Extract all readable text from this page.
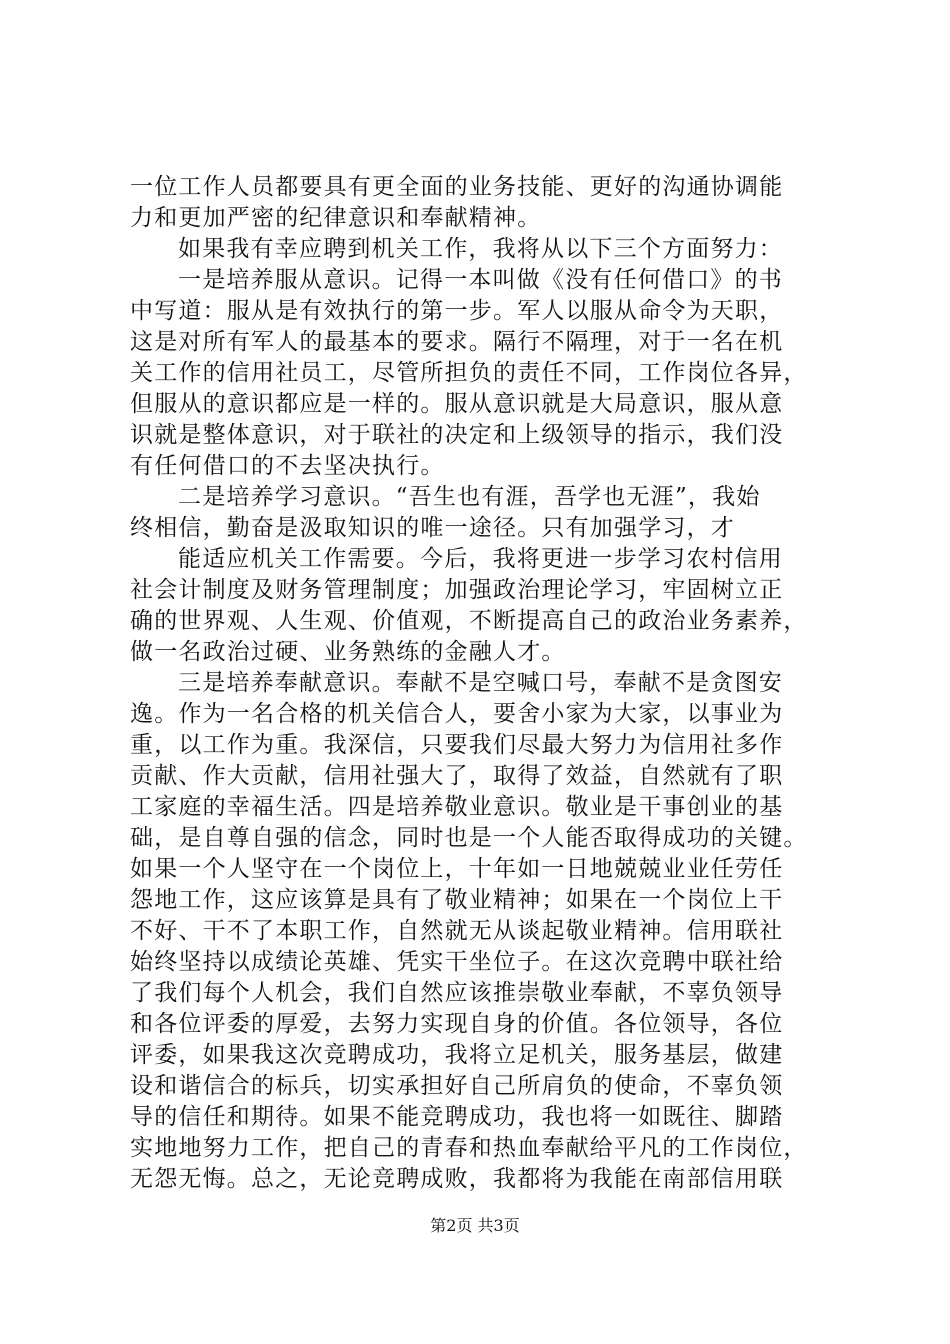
一位工作人员都要具有更全面的业务技能、更好的沟通协调能
力和更加严密的纪律意识和奉献精神。
如果我有幸应聘到机关工作，我将从以下三个方面努力：
一是培养服从意识。记得一本叫做《没有任何借口》的书
中写道：服从是有效执行的第一步。军人以服从命令为天职，
这是对所有军人的最基本的要求。隔行不隔理，对于一名在机
关工作的信用社员工，尽管所担负的责任不同，工作岗位各异，
但服从的意识都应是一样的。服从意识就是大局意识，服从意
识就是整体意识，对于联社的决定和上级领导的指示，我们没
有任何借口的不去坚决执行。
二是培养学习意识。“吾生也有涯，吾学也无涯”，我始
终相信，勤奋是汲取知识的唯一途径。只有加强学习，才
能适应机关工作需要。今后，我将更进一步学习农村信用
社会计制度及财务管理制度；加强政治理论学习，牢固树立正
确的世界观、人生观、价值观，不断提高自己的政治业务素养，
做一名政治过硬、业务熟练的金融人才。
三是培养奉献意识。奉献不是空喊口号，奉献不是贪图安
逸。作为一名合格的机关信合人，要舍小家为大家，以事业为
重，以工作为重。我深信，只要我们尽最大努力为信用社多作
贡献、作大贡献，信用社强大了，取得了效益，自然就有了职
工家庭的幸福生活。四是培养敬业意识。敬业是干事创业的基
础，是自尊自强的信念，同时也是一个人能否取得成功的关键。
如果一个人坚守在一个岗位上，十年如一日地兢兢业业任劳任
怨地工作，这应该算是具有了敬业精神；如果在一个岗位上干
不好、干不了本职工作，自然就无从谈起敬业精神。信用联社
始终坚持以成绩论英雄、凭实干坐位子。在这次竞聘中联社给
了我们每个人机会，我们自然应该推崇敬业奉献，不辜负领导
和各位评委的厚爱，去努力实现自身的价值。各位领导，各位
评委，如果我这次竞聘成功，我将立足机关，服务基层，做建
设和谐信合的标兵，切实承担好自己所肩负的使命，不辜负领
导的信任和期待。如果不能竞聘成功，我也将一如既往、脚踏
实地地努力工作，把自己的青春和热血奉献给平凡的工作岗位，
无怨无悔。总之，无论竞聘成败，我都将为我能在南部信用联
第2页 共3页
